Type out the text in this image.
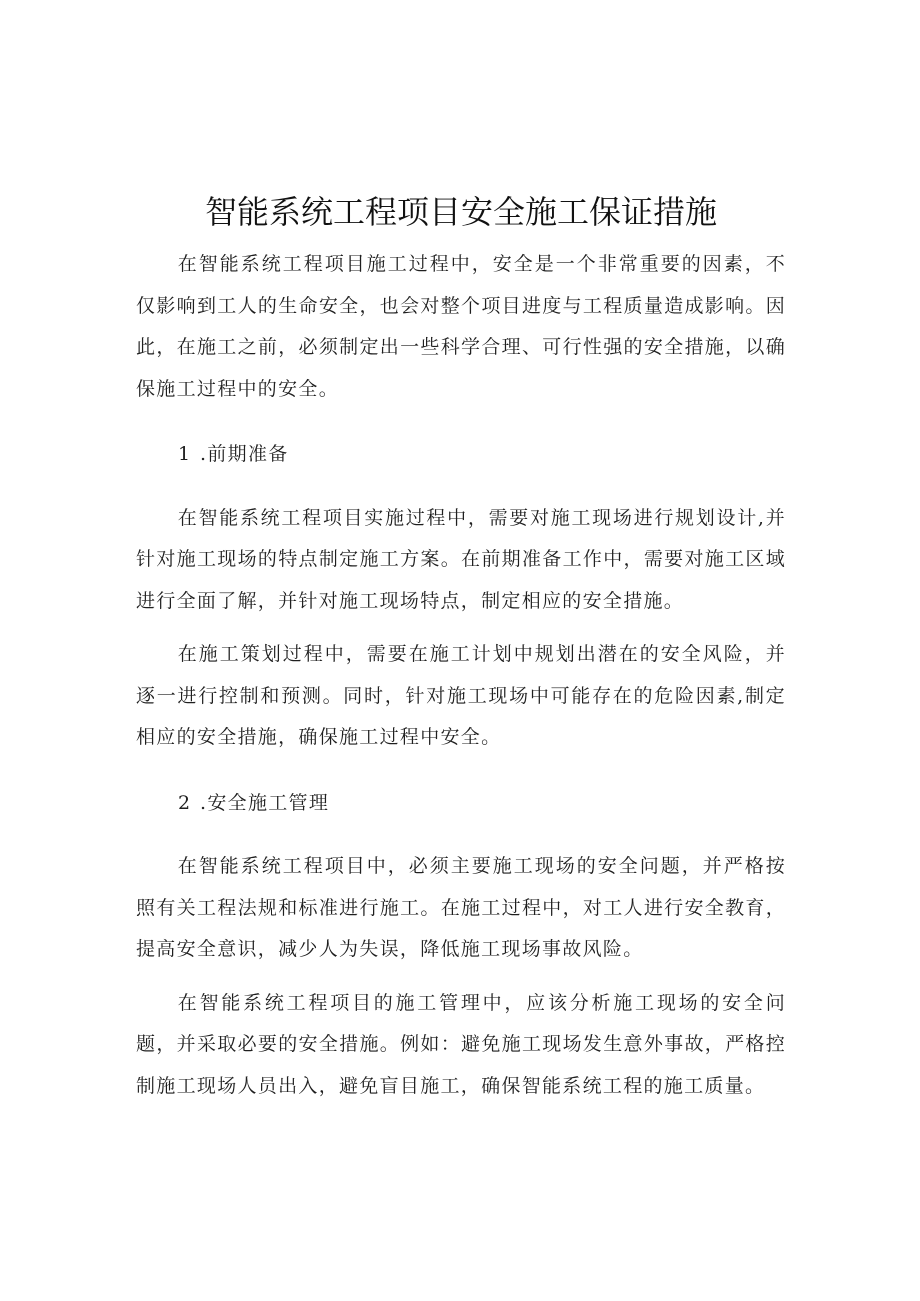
智能系统工程项目安全施工保证措施

在智能系统工程项目施工过程中，安全是一个非常重要的因素，不仅影响到工人的生命安全，也会对整个项目进度与工程质量造成影响。因此，在施工之前，必须制定出一些科学合理、可行性强的安全措施，以确保施工过程中的安全。

1 .前期准备

在智能系统工程项目实施过程中，需要对施工现场进行规划设计,并针对施工现场的特点制定施工方案。在前期准备工作中，需要对施工区域进行全面了解，并针对施工现场特点，制定相应的安全措施。

在施工策划过程中，需要在施工计划中规划出潜在的安全风险，并逐一进行控制和预测。同时，针对施工现场中可能存在的危险因素,制定相应的安全措施，确保施工过程中安全。

2 .安全施工管理

在智能系统工程项目中，必须主要施工现场的安全问题，并严格按照有关工程法规和标准进行施工。在施工过程中，对工人进行安全教育，提高安全意识，减少人为失误，降低施工现场事故风险。

在智能系统工程项目的施工管理中，应该分析施工现场的安全问题，并采取必要的安全措施。例如：避免施工现场发生意外事故，严格控制施工现场人员出入，避免盲目施工，确保智能系统工程的施工质量。
